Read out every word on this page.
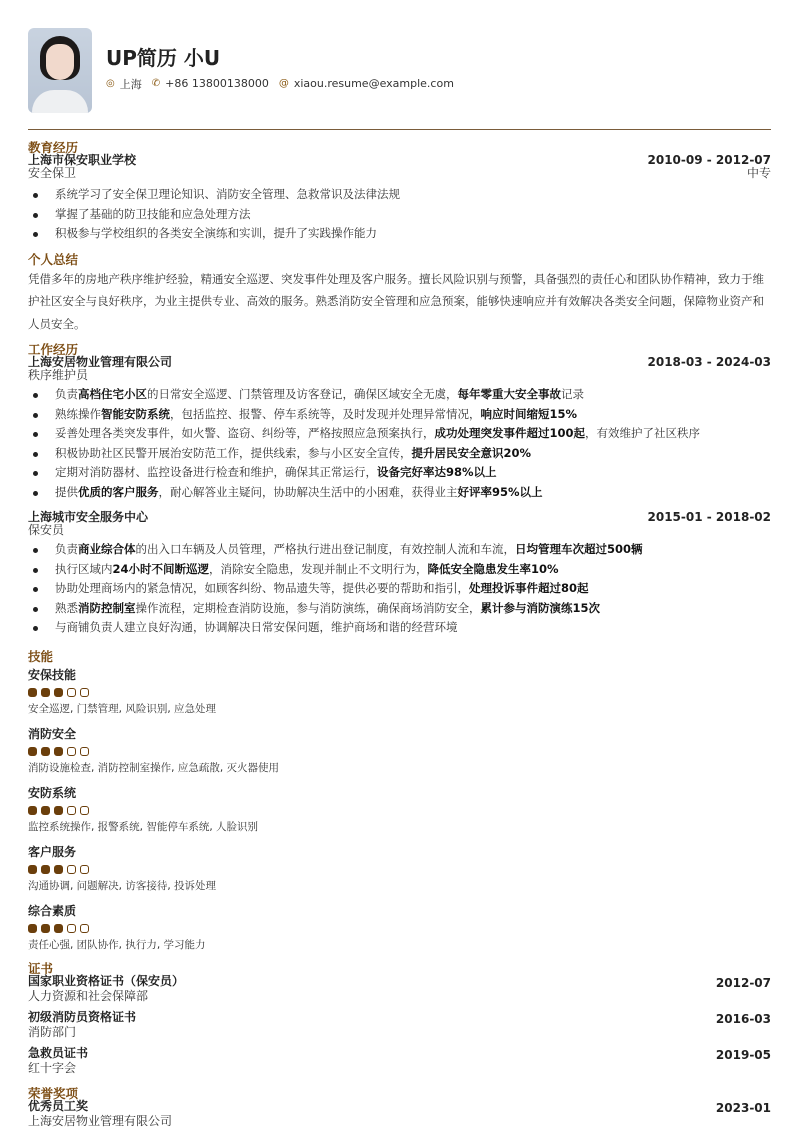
UP简历 小U
◎ 上海 ✆ +86 13800138000 @ xiaou.resume@example.com
教育经历
上海市保安职业学校	2010-09 - 2012-07
安全保卫	中专
系统学习了安全保卫理论知识、消防安全管理、急救常识及法律法规
掌握了基础的防卫技能和应急处理方法
积极参与学校组织的各类安全演练和实训，提升了实践操作能力
个人总结
凭借多年的房地产秩序维护经验，精通安全巡逻、突发事件处理及客户服务。擅长风险识别与预警，具备强烈的责任心和团队协作精神，致力于维护社区安全与良好秩序，为业主提供专业、高效的服务。熟悉消防安全管理和应急预案，能够快速响应并有效解决各类安全问题，保障物业资产和人员安全。
工作经历
上海安居物业管理有限公司	2018-03 - 2024-03
秩序维护员
负责高档住宅小区的日常安全巡逻、门禁管理及访客登记，确保区域安全无虞，每年零重大安全事故记录
熟练操作智能安防系统，包括监控、报警、停车系统等，及时发现并处理异常情况，响应时间缩短15%
妥善处理各类突发事件，如火警、盗窃、纠纷等，严格按照应急预案执行，成功处理突发事件超过100起，有效维护了社区秩序
积极协助社区民警开展治安防范工作，提供线索，参与小区安全宣传，提升居民安全意识20%
定期对消防器材、监控设备进行检查和维护，确保其正常运行，设备完好率达98%以上
提供优质的客户服务，耐心解答业主疑问，协助解决生活中的小困难，获得业主好评率95%以上
上海城市安全服务中心	2015-01 - 2018-02
保安员
负责商业综合体的出入口车辆及人员管理，严格执行进出登记制度，有效控制人流和车流，日均管理车次超过500辆
执行区域内24小时不间断巡逻，消除安全隐患，发现并制止不文明行为，降低安全隐患发生率10%
协助处理商场内的紧急情况，如顾客纠纷、物品遗失等，提供必要的帮助和指引，处理投诉事件超过80起
熟悉消防控制室操作流程，定期检查消防设施，参与消防演练，确保商场消防安全，累计参与消防演练15次
与商铺负责人建立良好沟通，协调解决日常安保问题，维护商场和谐的经营环境
技能
安保技能
安全巡逻, 门禁管理, 风险识别, 应急处理
消防安全
消防设施检查, 消防控制室操作, 应急疏散, 灭火器使用
安防系统
监控系统操作, 报警系统, 智能停车系统, 人脸识别
客户服务
沟通协调, 问题解决, 访客接待, 投诉处理
综合素质
责任心强, 团队协作, 执行力, 学习能力
证书
国家职业资格证书（保安员）	2012-07
人力资源和社会保障部
初级消防员资格证书	2016-03
消防部门
急救员证书	2019-05
红十字会
荣誉奖项
优秀员工奖	2023-01
上海安居物业管理有限公司
